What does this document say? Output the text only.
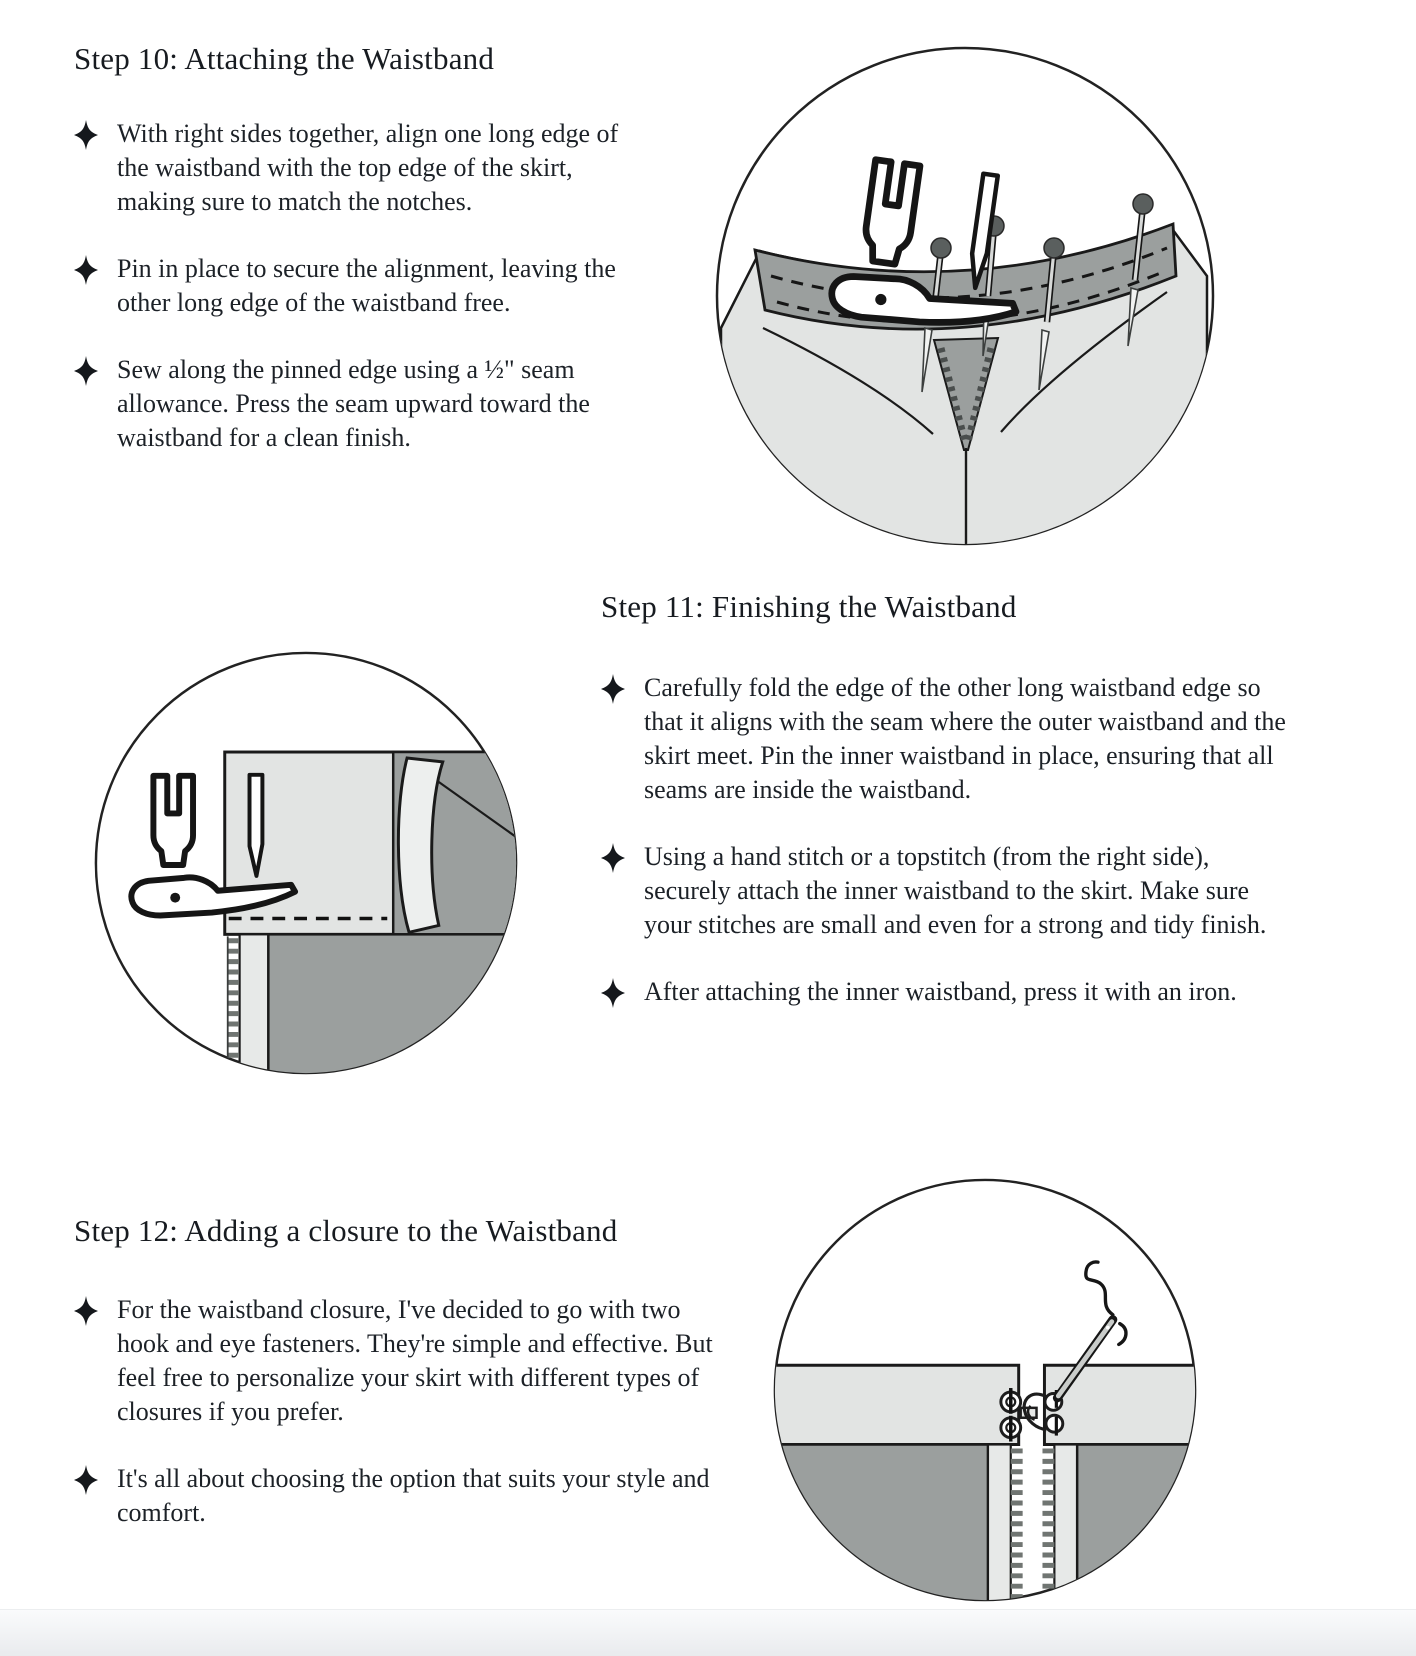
Step 10: Attaching the Waistband

With right sides together, align one long edge of the waistband with the top edge of the skirt, making sure to match the notches.

Pin in place to secure the alignment, leaving the other long edge of the waistband free.

Sew along the pinned edge using a ½" seam allowance. Press the seam upward toward the waistband for a clean finish.

Step 11: Finishing the Waistband

Carefully fold the edge of the other long waistband edge so that it aligns with the seam where the outer waistband and the skirt meet. Pin the inner waistband in place, ensuring that all seams are inside the waistband.

Using a hand stitch or a topstitch (from the right side), securely attach the inner waistband to the skirt. Make sure your stitches are small and even for a strong and tidy finish.

After attaching the inner waistband, press it with an iron.

Step 12: Adding a closure to the Waistband

For the waistband closure, I've decided to go with two hook and eye fasteners. They're simple and effective. But feel free to personalize your skirt with different types of closures if you prefer.

It's all about choosing the option that suits your style and comfort.
